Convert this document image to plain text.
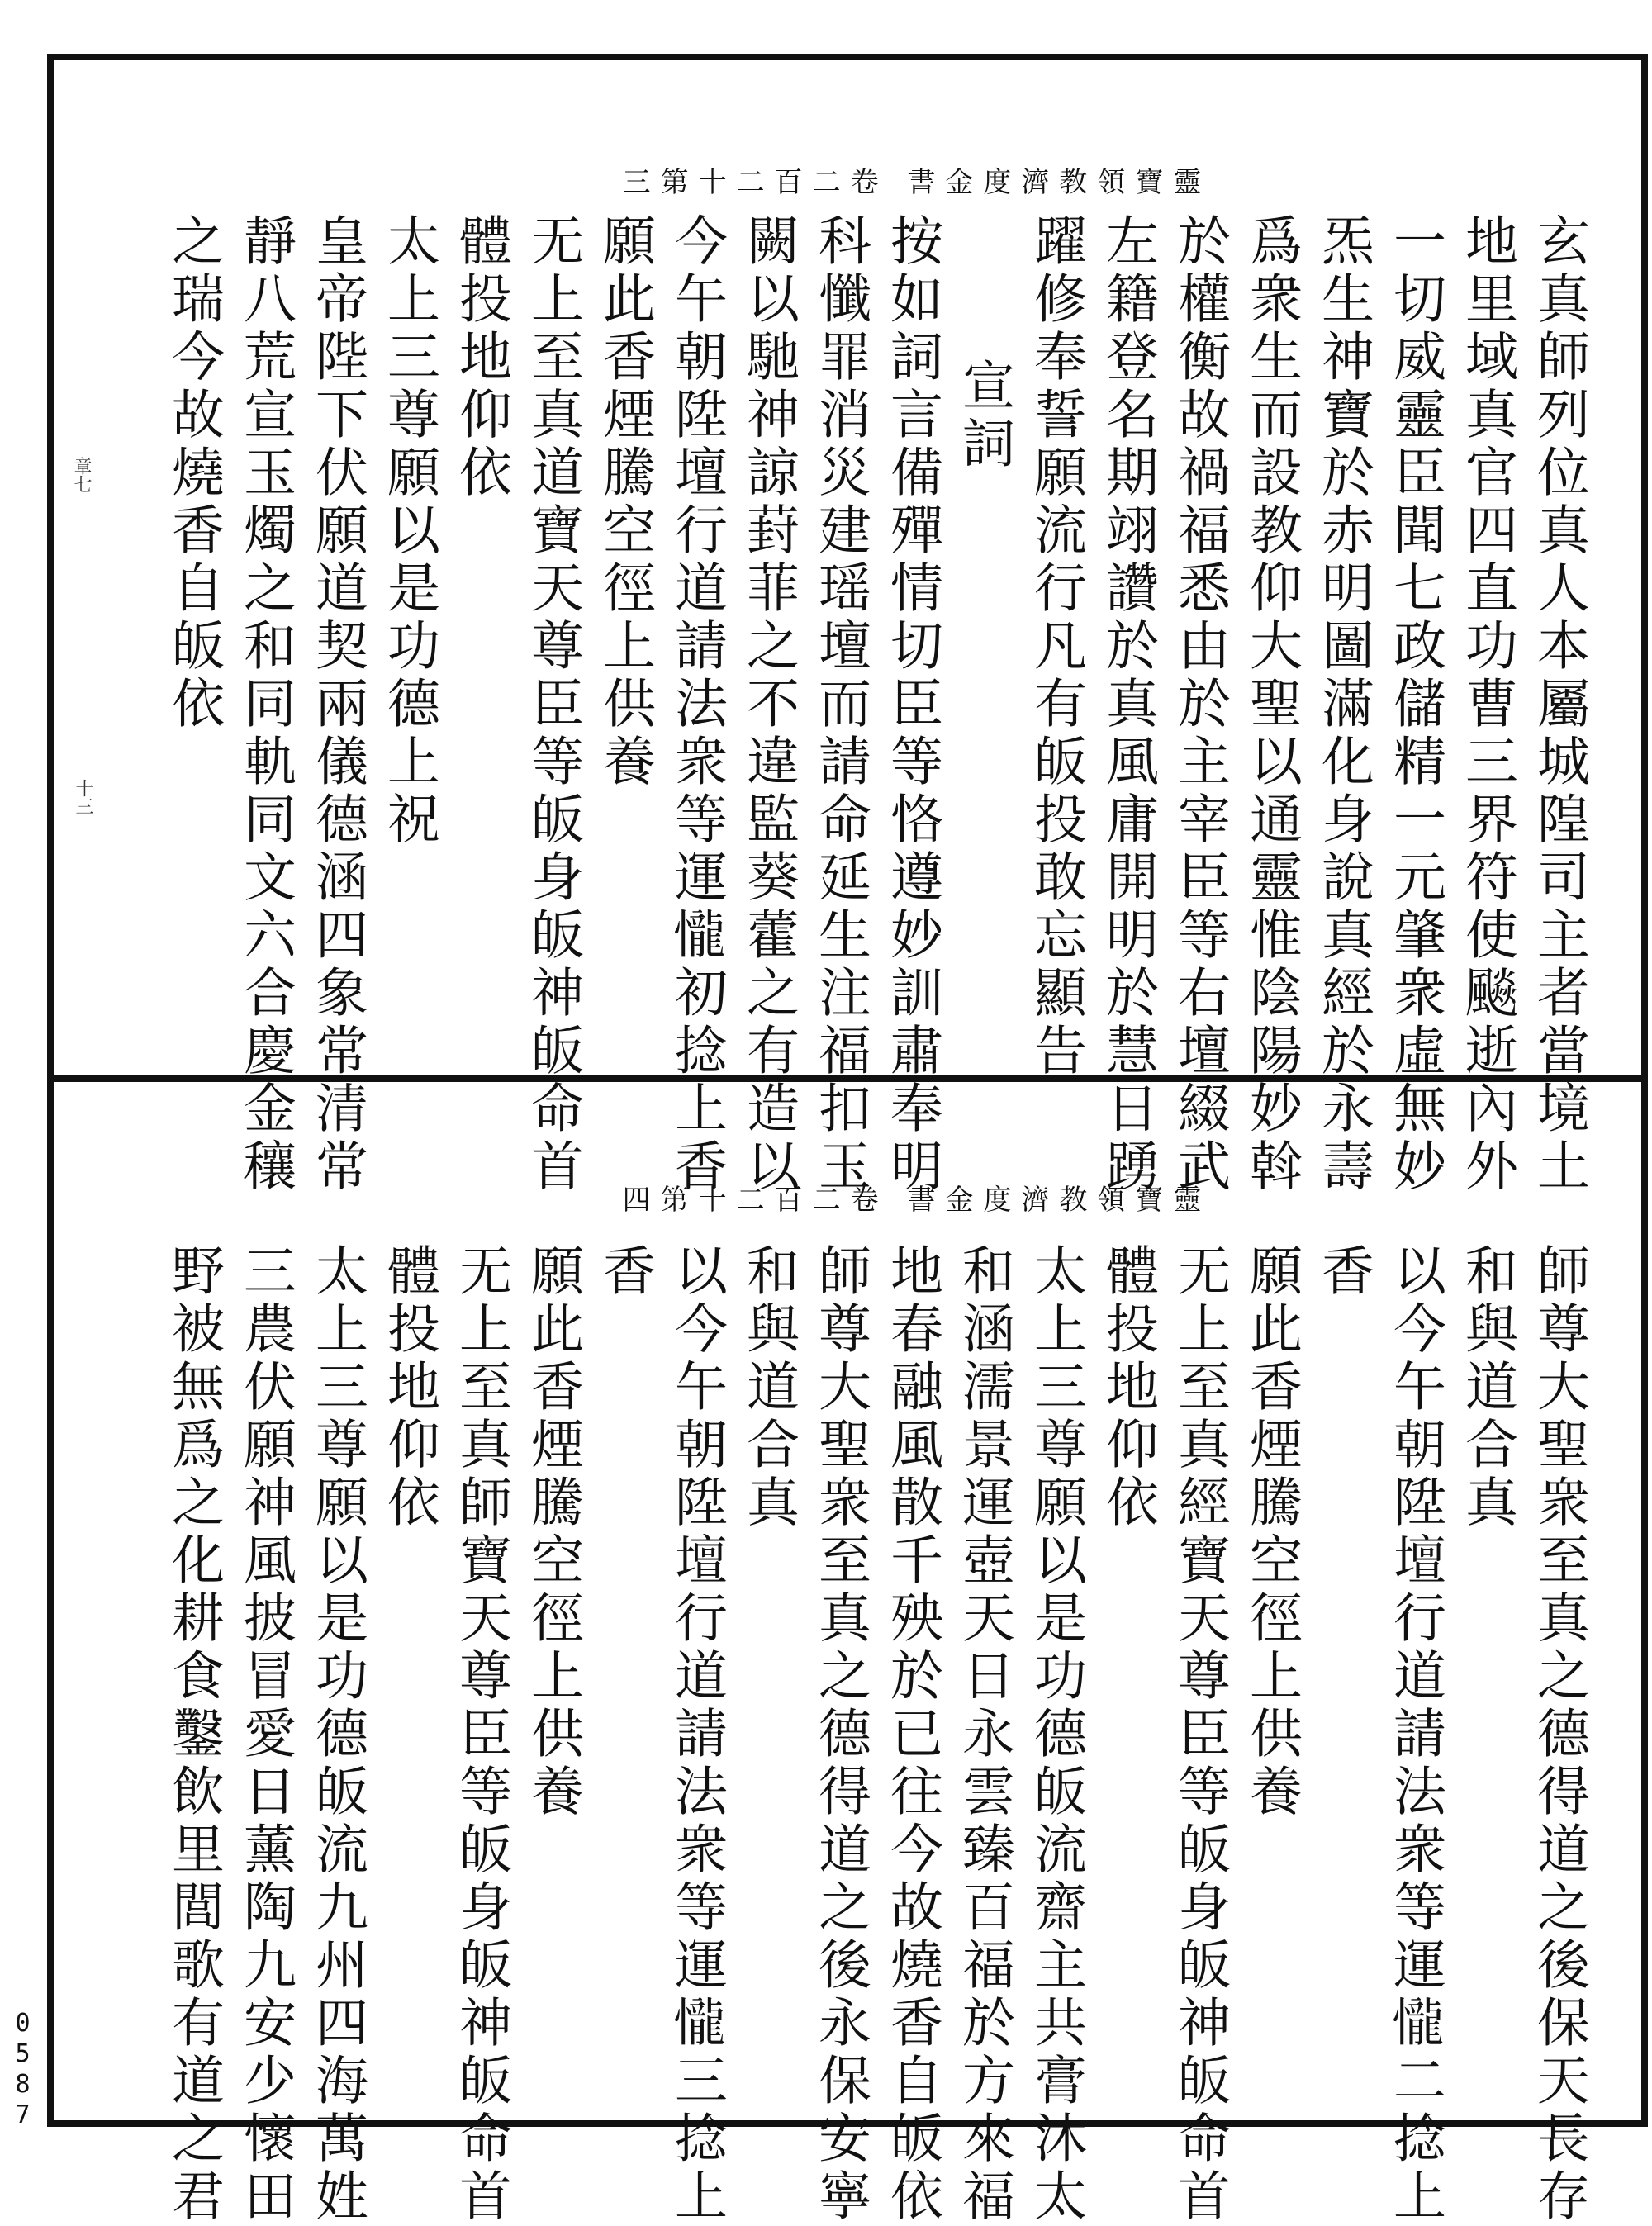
靈寶領教濟度金書 卷二百二十第三
玄真師列位真人本屬城隍司主者當境土
地里域真官四直功曹三界符使飈逝內外
一切威靈臣聞七政儲精一元肇衆虛無妙
炁生神寶於赤明圖滿化身說真經於永壽
爲衆生而設教仰大聖以通靈惟陰陽妙斡
於權衡故禍福悉由於主宰臣等右壇綴武
左籍登名期翊讚於真風庸開明於慧日踴
躍修奉誓願流行凡有皈投敢忘顯告
宣詞
按如詞言備殫情切臣等恪遵妙訓肅奉明
科懺罪消災建瑶壇而請命延生注福扣玉
闕以馳神諒葑菲之不違監葵藿之有造以
今午朝陞壇行道請法衆等運𢤱初捻上香
願此香煙騰空徑上供養
无上至真道寶天尊臣等皈身皈神皈命首
體投地仰依
太上三尊願以是功德上祝
皇帝陛下伏願道契兩儀德涵四象常清常
靜八荒宣玉燭之和同軌同文六合慶金穰
之瑞今故燒香自皈依
章七
十三
靈寶領教濟度金書 卷二百二十第四
師尊大聖衆至真之德得道之後保天長存
和與道合真
以今午朝陞壇行道請法衆等運𢤱二捻上
香
願此香煙騰空徑上供養
无上至真經寶天尊臣等皈身皈神皈命首
體投地仰依
太上三尊願以是功德皈流齋主共膏沐太
和涵濡景運壺天日永雲臻百福於方來福
地春融風散千殃於已往今故燒香自皈依
師尊大聖衆至真之德得道之後永保安寧
和與道合真
以今午朝陞壇行道請法衆等運𢤱三捻上
香
願此香煙騰空徑上供養
无上至真師寶天尊臣等皈身皈神皈命首
體投地仰依
太上三尊願以是功德皈流九州四海萬姓
三農伏願神風披冒愛日薰陶九安少懷田
野被無爲之化耕食鑿飲里閭歌有道之君
0587
